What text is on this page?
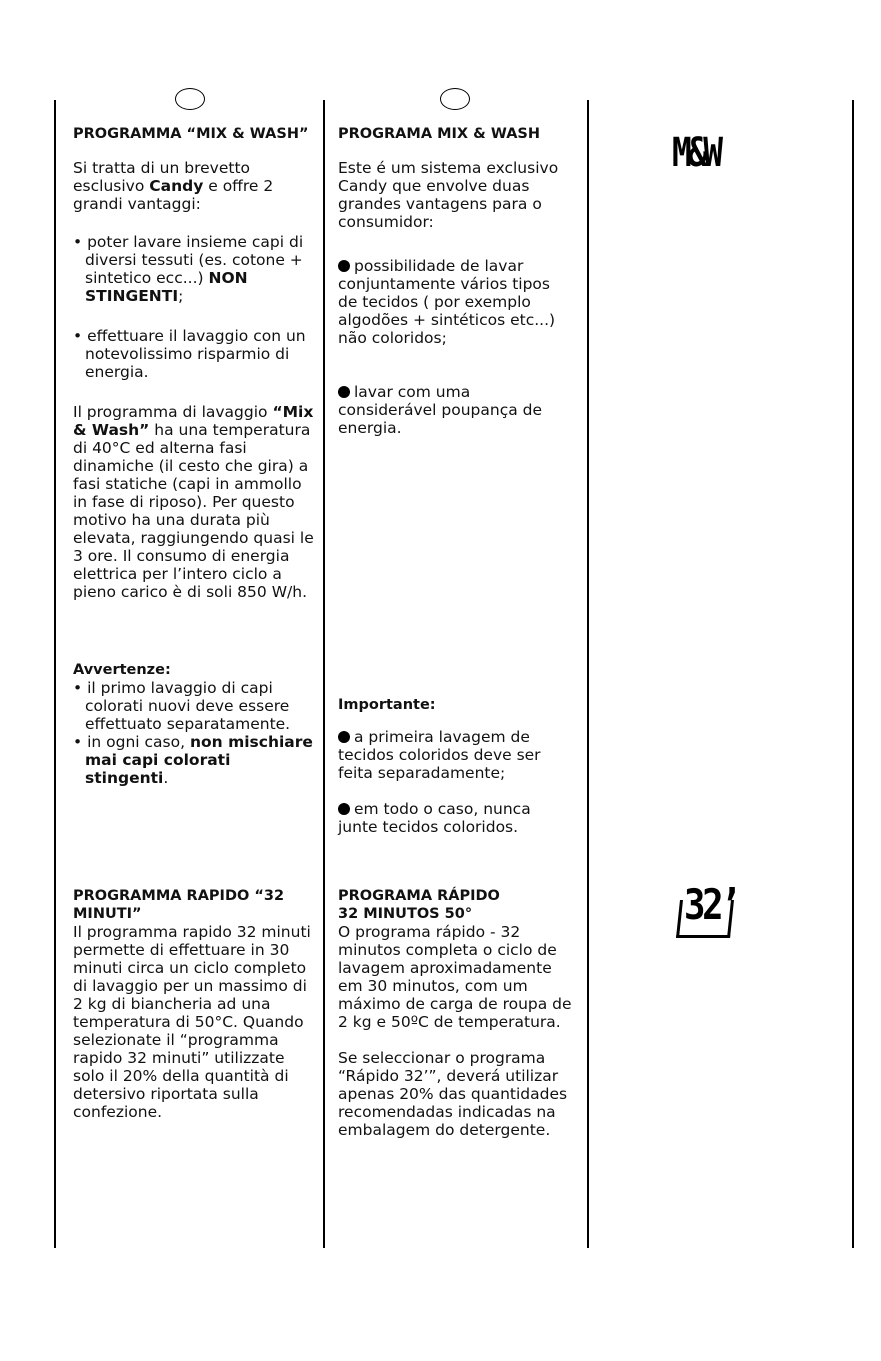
PROGRAMMA “MIX & WASH”

Si tratta di un brevetto esclusivo Candy e offre 2 grandi vantaggi:

• poter lavare insieme capi di diversi tessuti (es. cotone + sintetico ecc...) NON STINGENTI;

• effettuare il lavaggio con un notevolissimo risparmio di energia.

Il programma di lavaggio “Mix & Wash” ha una temperatura di 40°C ed alterna fasi dinamiche (il cesto che gira) a fasi statiche (capi in ammollo in fase di riposo). Per questo motivo ha una durata più elevata, raggiungendo quasi le 3 ore. Il consumo di energia elettrica per l’intero ciclo a pieno carico è di soli 850 W/h.

Avvertenze:

• il primo lavaggio di capi colorati nuovi deve essere effettuato separatamente.

• in ogni caso, non mischiare mai capi colorati stingenti.

PROGRAMMA RAPIDO “32 MINUTI”

Il programma rapido 32 minuti permette di effettuare in 30 minuti circa un ciclo completo di lavaggio per un massimo di 2 kg di biancheria ad una temperatura di 50°C. Quando selezionate il “programma rapido 32 minuti” utilizzate solo il 20% della quantità di detersivo riportata sulla confezione.

PROGRAMA MIX & WASH

Este é um sistema exclusivo Candy que envolve duas grandes vantagens para o consumidor:

possibilidade de lavar conjuntamente vários tipos de tecidos ( por exemplo algodões + sintéticos etc...) não coloridos;

lavar com uma considerável poupança de energia.

Importante:

a primeira lavagem de tecidos coloridos deve ser feita separadamente;

em todo o caso, nunca junte tecidos coloridos.

PROGRAMA RÁPIDO

32 MINUTOS 50°

O programa rápido - 32 minutos completa o ciclo de lavagem aproximadamente em 30 minutos, com um máximo de carga de roupa de 2 kg e 50ºC de temperatura.

Se seleccionar o programa “Rápido 32’”, deverá utilizar apenas 20% das quantidades recomendadas indicadas na embalagem do detergente.

M&W
32’
